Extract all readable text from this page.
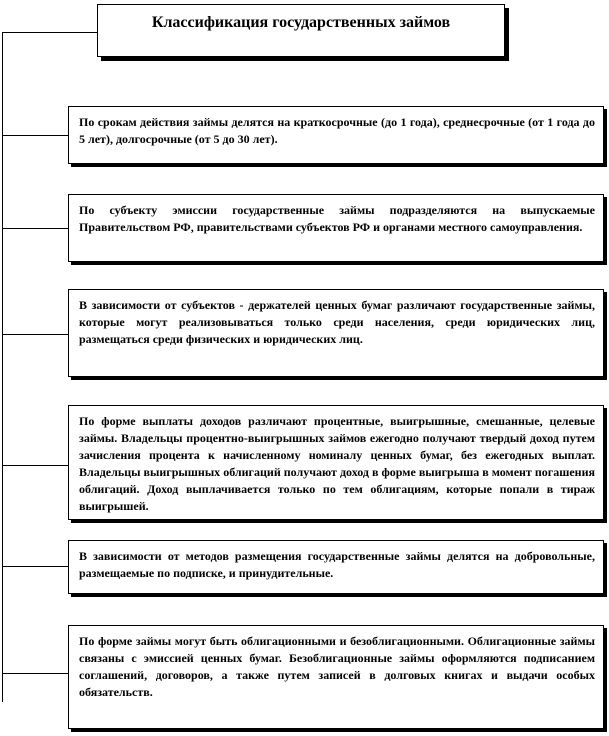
Классификация государственных займов
По срокам действия займы делятся на краткосрочные (до 1 года), среднесрочные (от 1 года до 5 лет), долгосрочные (от 5 до 30 лет).
По субъекту эмиссии государственные займы подразделяются на выпускаемые Правительством РФ, правительствами субъектов РФ и органами местного самоуправления.
В зависимости от субъектов - держателей ценных бумаг различают государственные займы, которые могут реализовываться только среди населения, среди юридических лиц, размещаться среди физических и юридических лиц.
По форме выплаты доходов различают процентные, выигрышные, смешанные, целевые займы. Владельцы процентно-выигрышных займов ежегодно получают твердый доход путем зачисления процента к начисленному номиналу ценных бумаг, без ежегодных выплат. Владельцы выигрышных облигаций получают доход в форме выигрыша в момент погашения облигаций. Доход выплачивается только по тем облигациям, которые попали в тираж выигрышей.
В зависимости от методов размещения государственные займы делятся на добровольные, размещаемые по подписке, и принудительные.
По форме займы могут быть облигационными и безоблигационными. Облигационные займы связаны с эмиссией ценных бумаг. Безоблигационные займы оформляются подписанием соглашений, договоров, а также путем записей в долговых книгах и выдачи особых обязательств.
